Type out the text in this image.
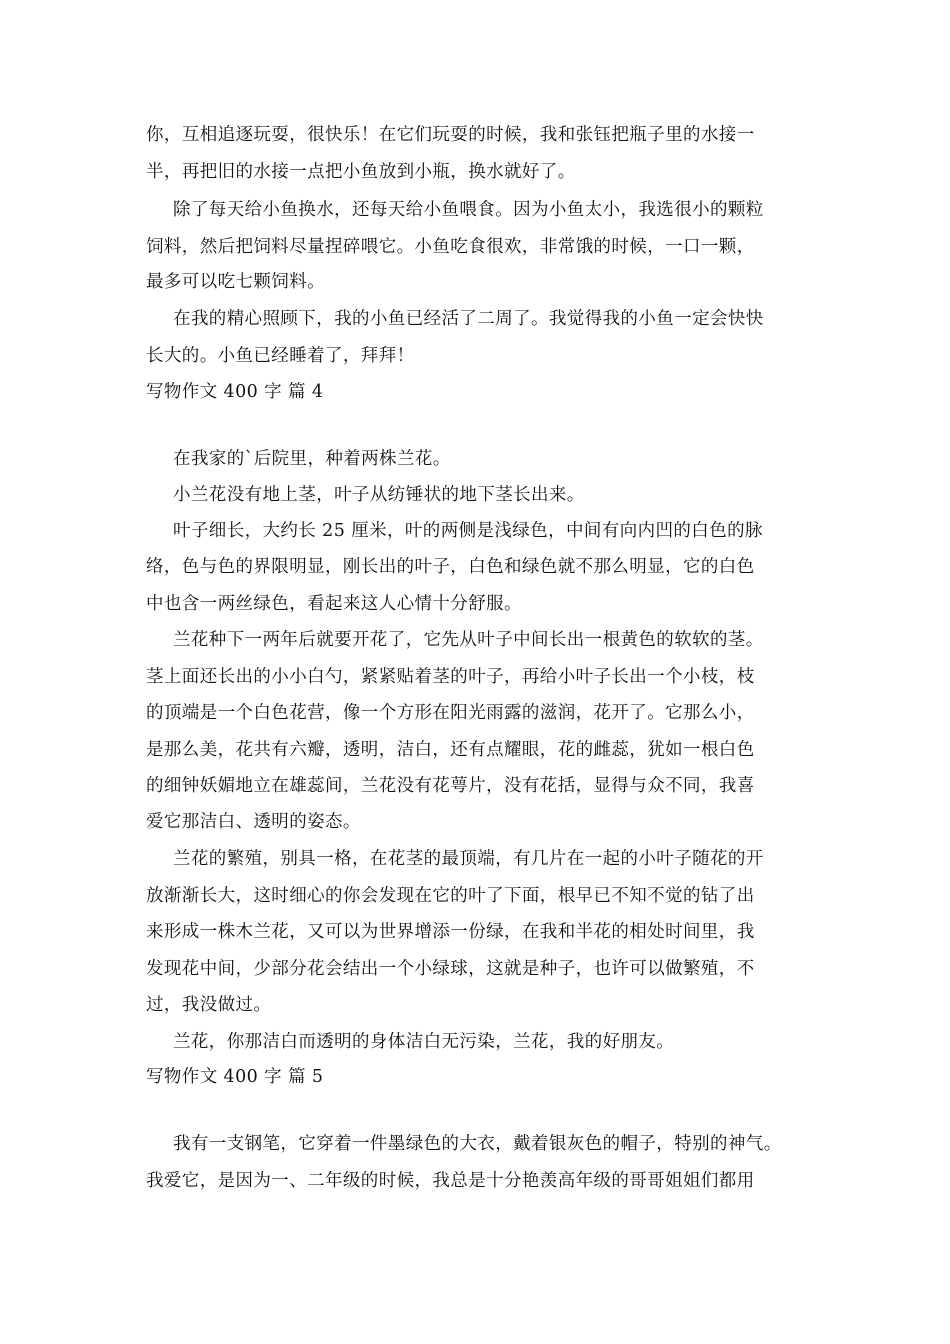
你，互相追逐玩耍，很快乐！在它们玩耍的时候，我和张钰把瓶子里的水接一
半，再把旧的水接一点把小鱼放到小瓶，换水就好了。
除了每天给小鱼换水，还每天给小鱼喂食。因为小鱼太小，我选很小的颗粒
饲料，然后把饲料尽量捏碎喂它。小鱼吃食很欢，非常饿的时候，一口一颗，
最多可以吃七颗饲料。
在我的精心照顾下，我的小鱼已经活了二周了。我觉得我的小鱼一定会快快
长大的。小鱼已经睡着了，拜拜！
写物作文 400 字 篇 4
在我家的`后院里，种着两株兰花。
小兰花没有地上茎，叶子从纺锤状的地下茎长出来。
叶子细长，大约长 25 厘米，叶的两侧是浅绿色，中间有向内凹的白色的脉
络，色与色的界限明显，刚长出的叶子，白色和绿色就不那么明显，它的白色
中也含一两丝绿色，看起来这人心情十分舒服。
兰花种下一两年后就要开花了，它先从叶子中间长出一根黄色的软软的茎。
茎上面还长出的小小白勺，紧紧贴着茎的叶子，再给小叶子长出一个小枝，枝
的顶端是一个白色花营，像一个方形在阳光雨露的滋润，花开了。它那么小，
是那么美，花共有六瓣，透明，洁白，还有点耀眼，花的雌蕊，犹如一根白色
的细钟妖媚地立在雄蕊间，兰花没有花萼片，没有花括，显得与众不同，我喜
爱它那洁白、透明的姿态。
兰花的繁殖，别具一格，在花茎的最顶端，有几片在一起的小叶子随花的开
放渐渐长大，这时细心的你会发现在它的叶了下面，根早已不知不觉的钻了出
来形成一株木兰花，又可以为世界增添一份绿，在我和半花的相处时间里，我
发现花中间，少部分花会结出一个小绿球，这就是种子，也许可以做繁殖，不
过，我没做过。
兰花，你那洁白而透明的身体洁白无污染，兰花，我的好朋友。
写物作文 400 字 篇 5
我有一支钢笔，它穿着一件墨绿色的大衣，戴着银灰色的帽子，特别的神气。
我爱它，是因为一、二年级的时候，我总是十分艳羡高年级的哥哥姐姐们都用
